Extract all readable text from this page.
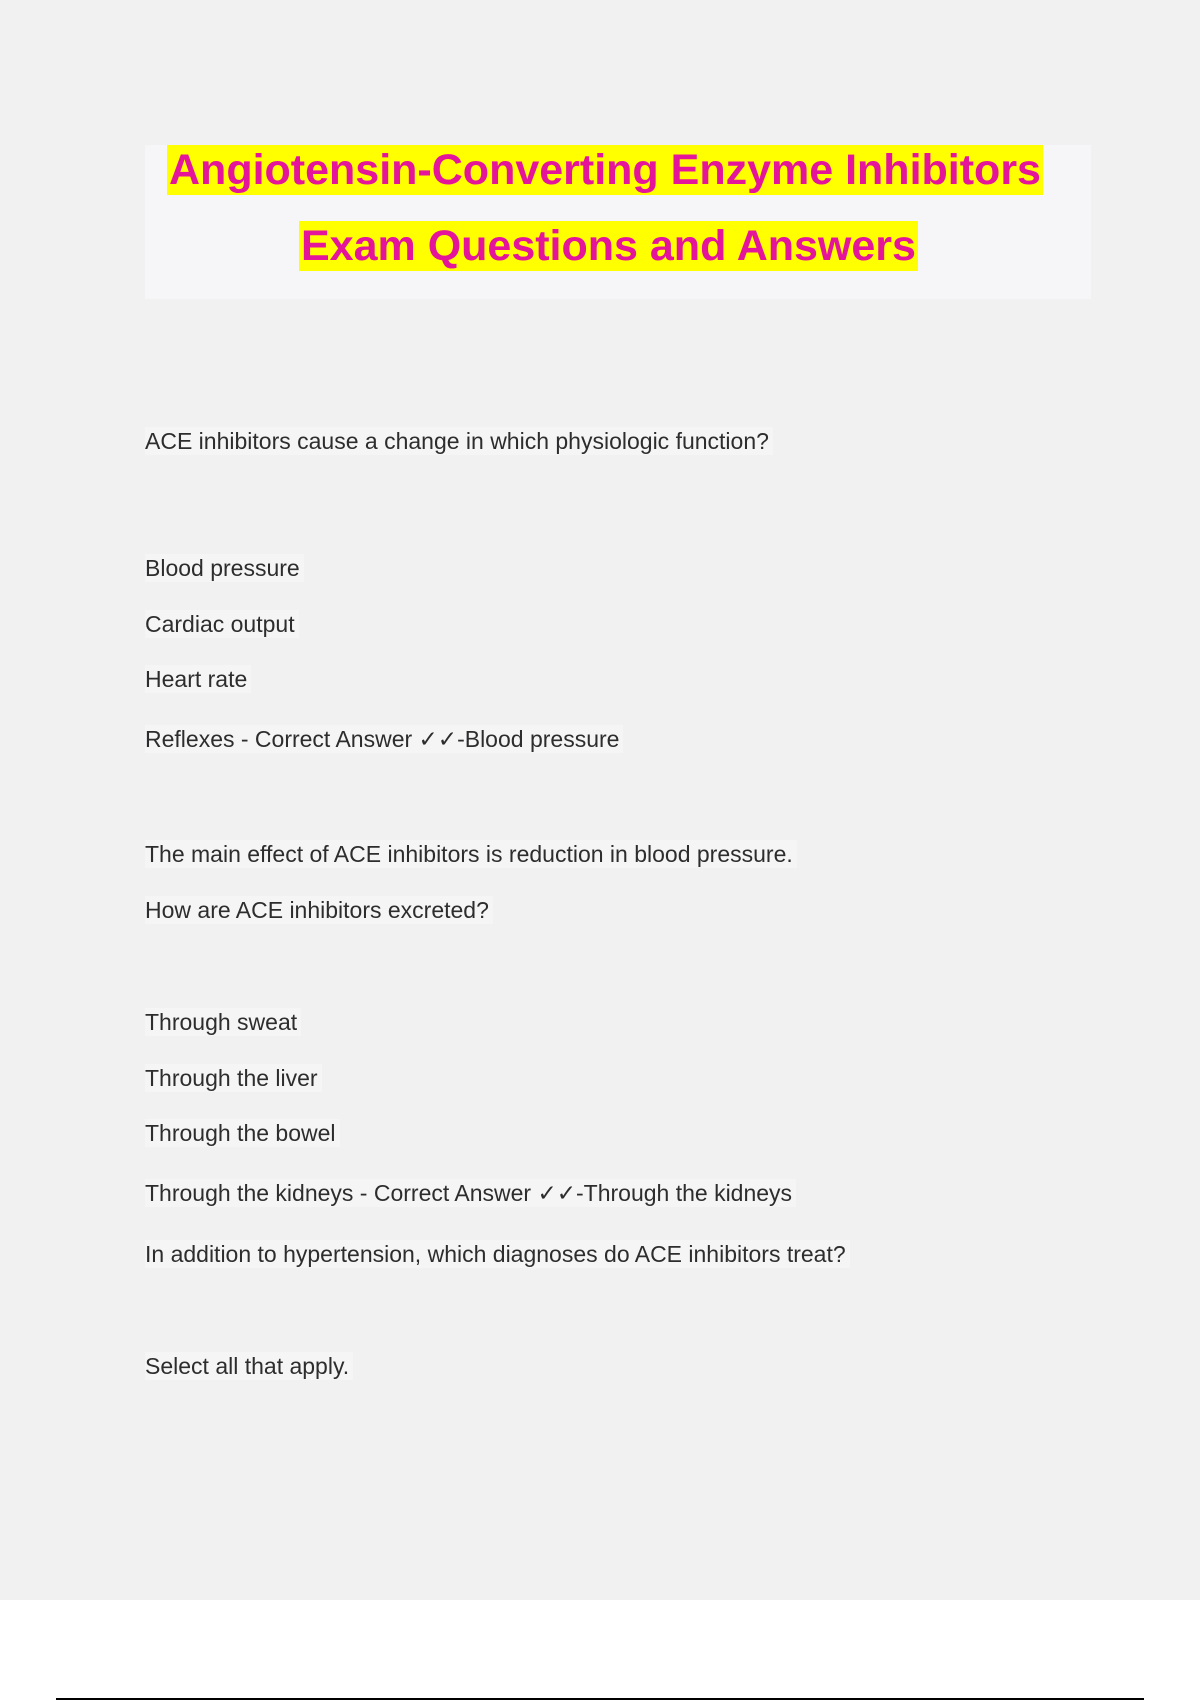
Angiotensin-Converting Enzyme Inhibitors
Exam Questions and Answers
ACE inhibitors cause a change in which physiologic function?
Blood pressure
Cardiac output
Heart rate
Reflexes - Correct Answer ✓✓-Blood pressure
The main effect of ACE inhibitors is reduction in blood pressure.
How are ACE inhibitors excreted?
Through sweat
Through the liver
Through the bowel
Through the kidneys - Correct Answer ✓✓-Through the kidneys
In addition to hypertension, which diagnoses do ACE inhibitors treat?
Select all that apply.
